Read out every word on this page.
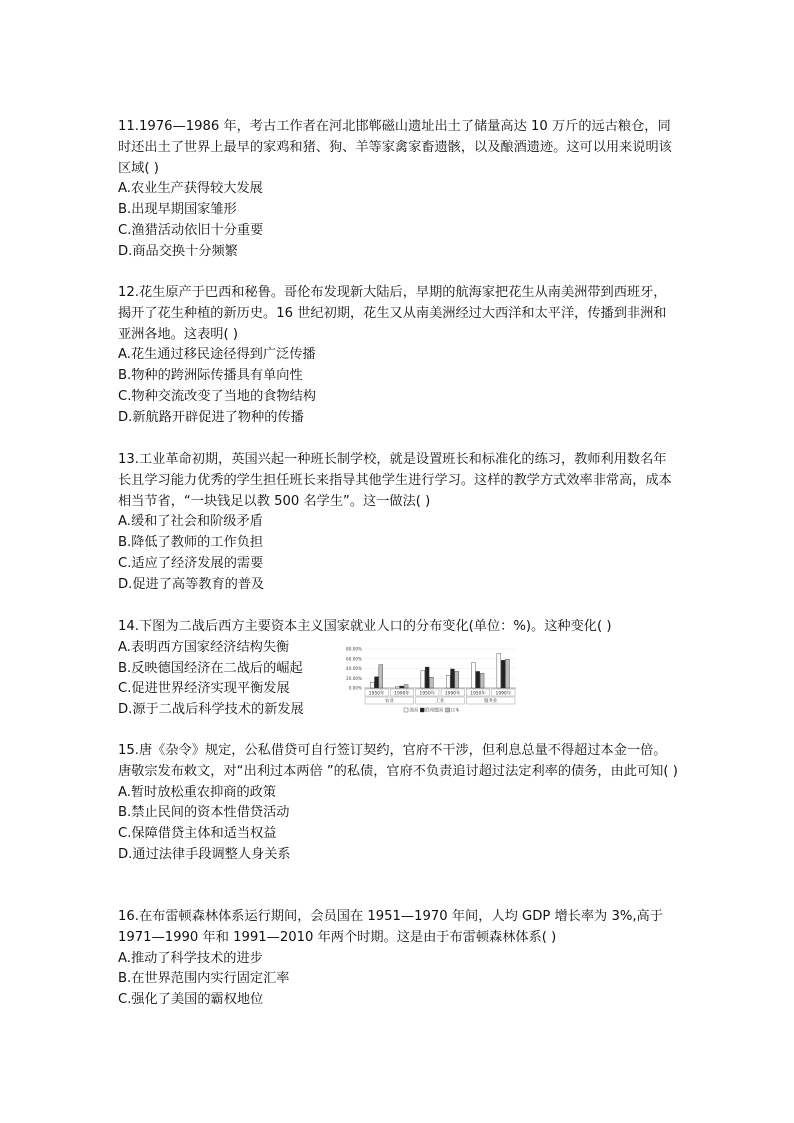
11.1976—1986 年，考古工作者在河北邯郸磁山遗址出土了储量高达 10 万斤的远古粮仓，同时还出土了世界上最早的家鸡和猪、狗、羊等家禽家畜遗骸，以及酿酒遗迹。这可以用来说明该区域( )

A.农业生产获得较大发展

B.出现早期国家雏形

C.渔猎活动依旧十分重要

D.商品交换十分频繁

12.花生原产于巴西和秘鲁。哥伦布发现新大陆后，早期的航海家把花生从南美洲带到西班牙，揭开了花生种植的新历史。16 世纪初期，花生又从南美洲经过大西洋和太平洋，传播到非洲和亚洲各地。这表明( )

A.花生通过移民途径得到广泛传播

B.物种的跨洲际传播具有单向性

C.物种交流改变了当地的食物结构

D.新航路开辟促进了物种的传播

13.工业革命初期，英国兴起一种班长制学校，就是设置班长和标准化的练习，教师利用数名年长且学习能力优秀的学生担任班长来指导其他学生进行学习。这样的教学方式效率非常高，成本相当节省，“一块钱足以教 500 名学生”。这一做法( )

A.缓和了社会和阶级矛盾

B.降低了教师的工作负担

C.适应了经济发展的需要

D.促进了高等教育的普及

14.下图为二战后西方主要资本主义国家就业人口的分布变化(单位：%)。这种变化( )

A.表明西方国家经济结构失衡

B.反映德国经济在二战后的崛起

C.促进世界经济实现平衡发展

D.源于二战后科学技术的新发展

80.00%
60.00%
40.00%
20.00%
0.00%
1950年 1990年 1950年 1990年 1950年 1990年
农业	工业	服务业
美国 联邦德国 日本

15.唐《杂令》规定，公私借贷可自行签订契约，官府不干涉，但利息总量不得超过本金一倍。唐敬宗发布敕文，对“出利过本两倍 ”的私债，官府不负责追讨超过法定利率的债务，由此可知( )

A.暂时放松重农抑商的政策

B.禁止民间的资本性借贷活动

C.保障借贷主体和适当权益

D.通过法律手段调整人身关系

16.在布雷顿森林体系运行期间，会员国在 1951—1970 年间，人均 GDP 增长率为 3%,高于1971—1990 年和 1991—2010 年两个时期。这是由于布雷顿森林体系( )

A.推动了科学技术的进步

B.在世界范围内实行固定汇率

C.强化了美国的霸权地位
